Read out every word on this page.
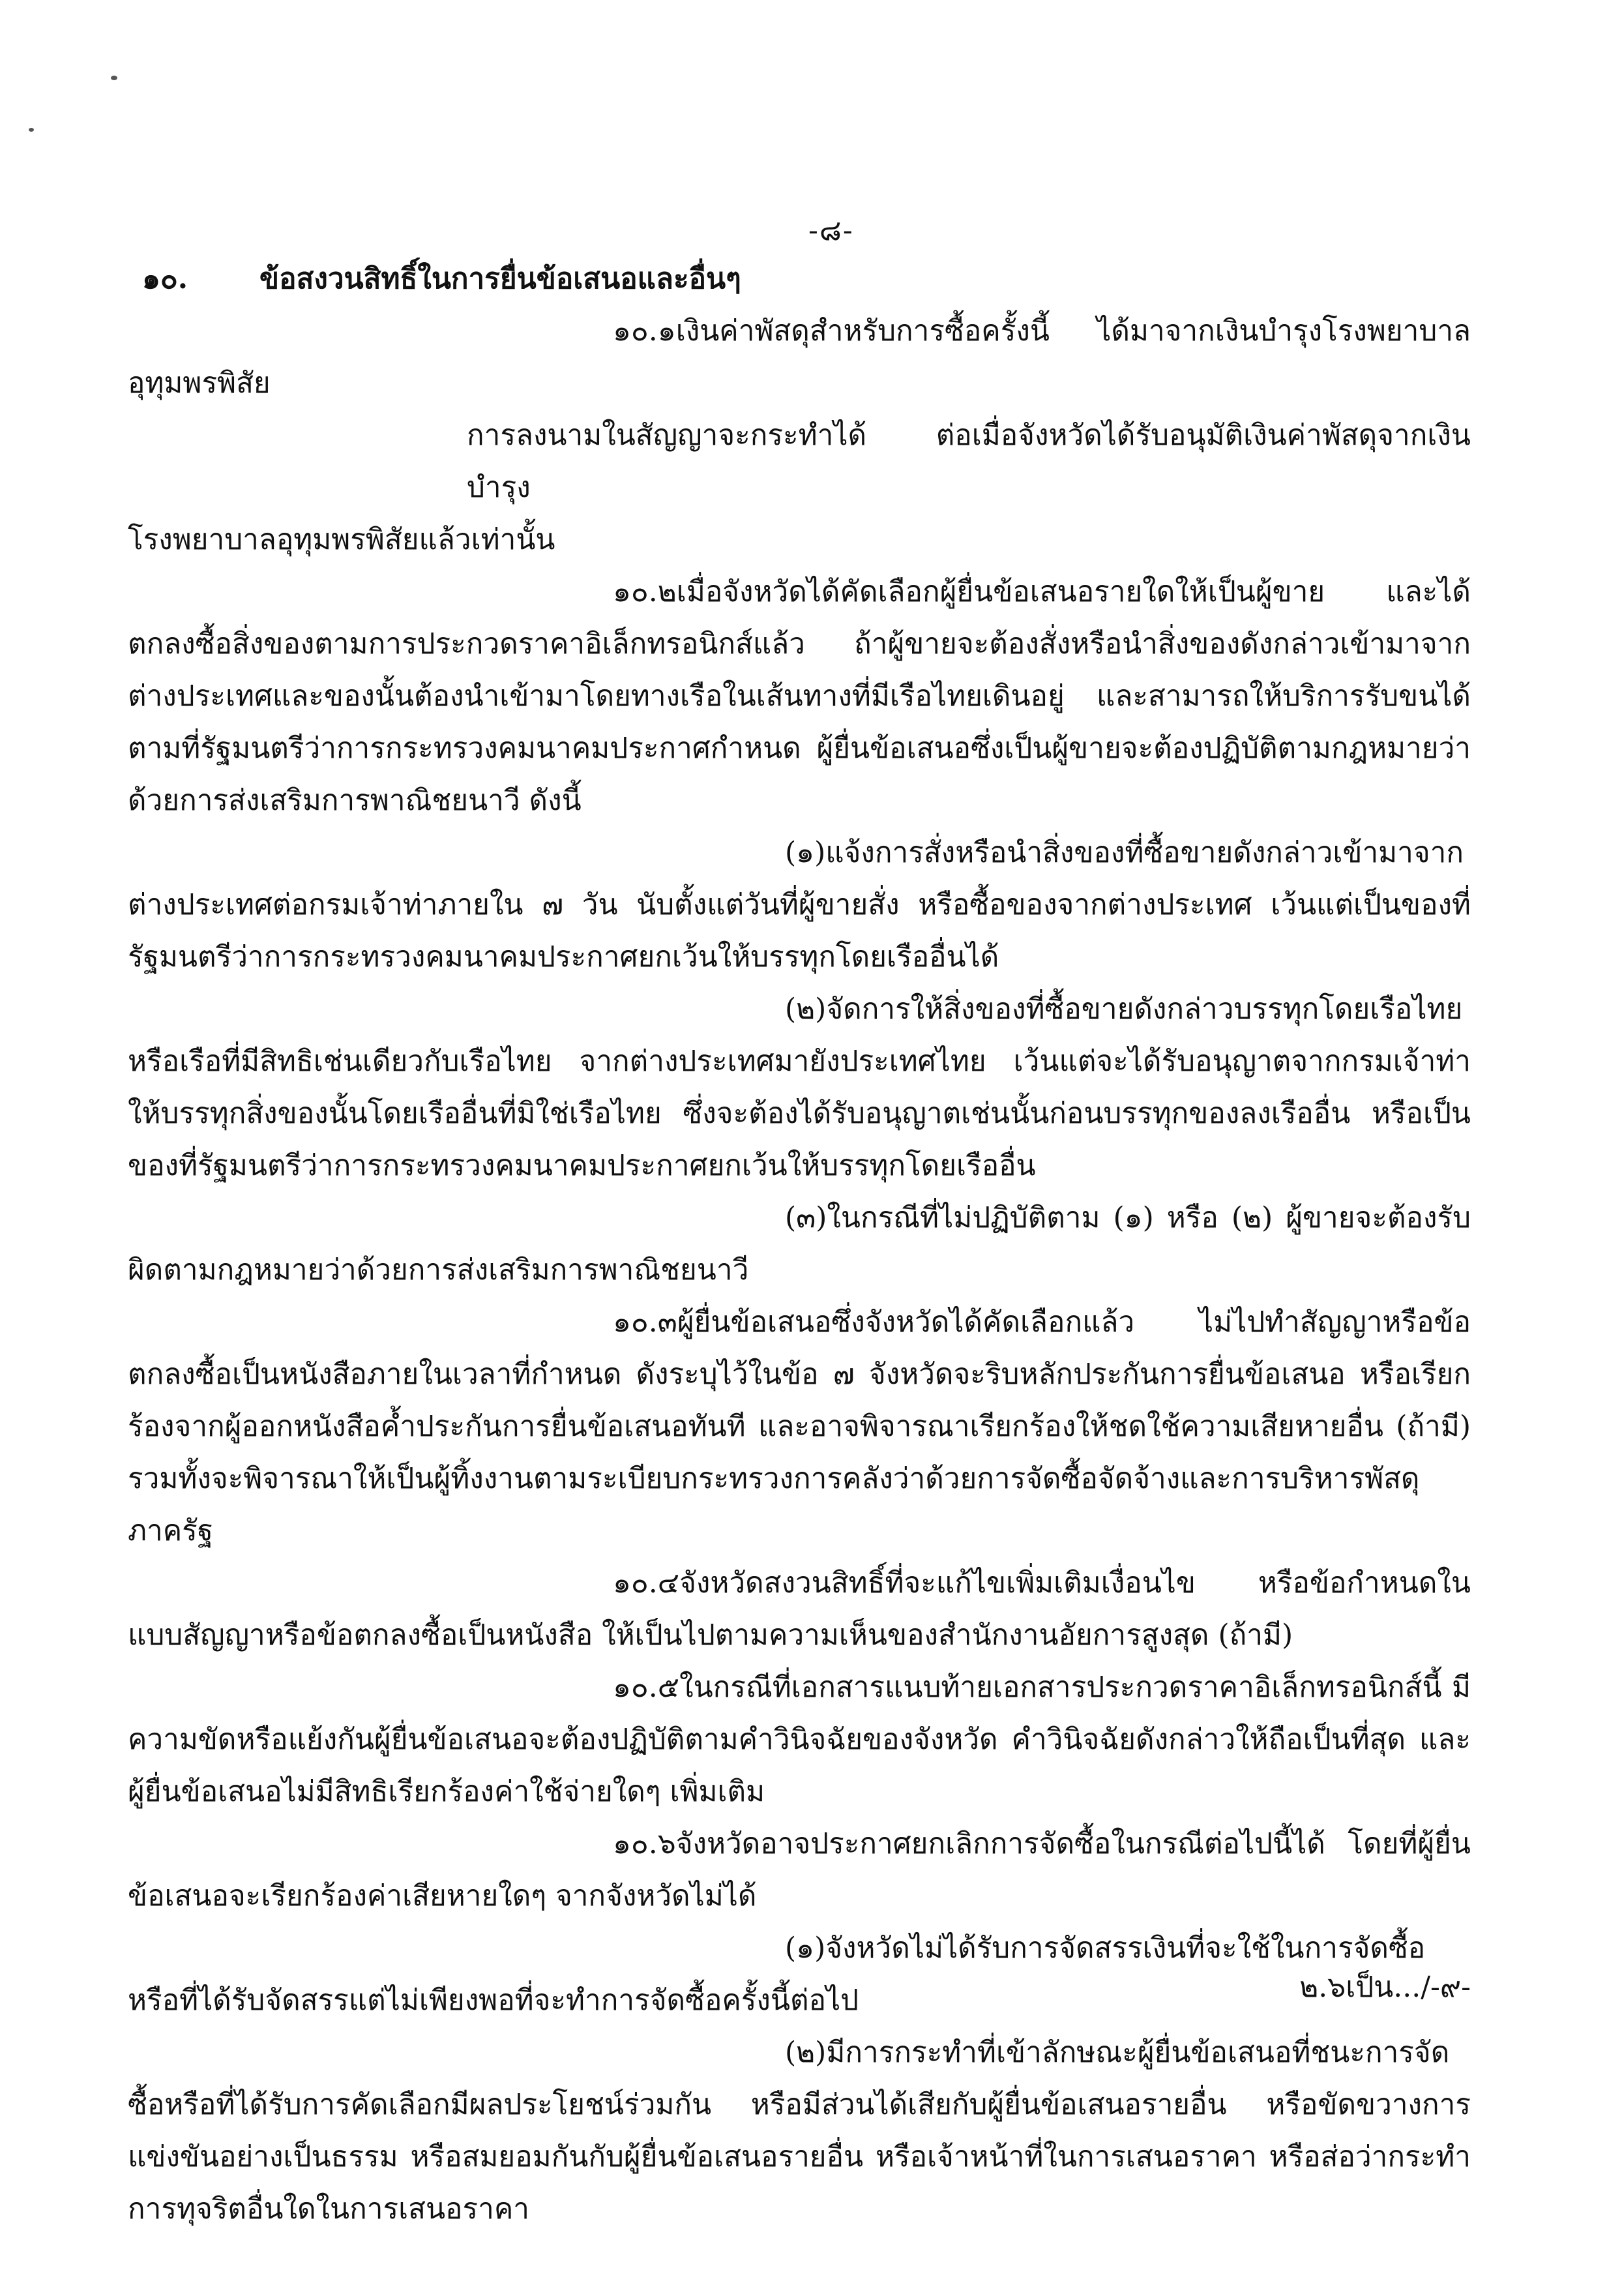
-๘-
๑๐. ข้อสงวนสิทธิ์ในการยื่นข้อเสนอและอื่นๆ

๑๐.๑เงินค่าพัสดุสำหรับการซื้อครั้งนี้ ได้มาจากเงินบำรุงโรงพยาบาลอุทุมพรพิสัย

การลงนามในสัญญาจะกระทำได้ ต่อเมื่อจังหวัดได้รับอนุมัติเงินค่าพัสดุจากเงินบำรุง

โรงพยาบาลอุทุมพรพิสัยแล้วเท่านั้น

๑๐.๒เมื่อจังหวัดได้คัดเลือกผู้ยื่นข้อเสนอรายใดให้เป็นผู้ขาย และได้ตกลงซื้อสิ่งของตามการประกวดราคาอิเล็กทรอนิกส์แล้ว ถ้าผู้ขายจะต้องสั่งหรือนำสิ่งของดังกล่าวเข้ามาจากต่างประเทศและของนั้นต้องนำเข้ามาโดยทางเรือในเส้นทางที่มีเรือไทยเดินอยู่ และสามารถให้บริการรับขนได้ตามที่รัฐมนตรีว่าการกระทรวงคมนาคมประกาศกำหนด ผู้ยื่นข้อเสนอซึ่งเป็นผู้ขายจะต้องปฏิบัติตามกฎหมายว่าด้วยการส่งเสริมการพาณิชยนาวี ดังนี้

(๑)แจ้งการสั่งหรือนำสิ่งของที่ซื้อขายดังกล่าวเข้ามาจากต่างประเทศต่อกรมเจ้าท่าภายใน ๗ วัน นับตั้งแต่วันที่ผู้ขายสั่ง หรือซื้อของจากต่างประเทศ เว้นแต่เป็นของที่รัฐมนตรีว่าการกระทรวงคมนาคมประกาศยกเว้นให้บรรทุกโดยเรืออื่นได้

(๒)จัดการให้สิ่งของที่ซื้อขายดังกล่าวบรรทุกโดยเรือไทย หรือเรือที่มีสิทธิเช่นเดียวกับเรือไทย จากต่างประเทศมายังประเทศไทย เว้นแต่จะได้รับอนุญาตจากกรมเจ้าท่า ให้บรรทุกสิ่งของนั้นโดยเรืออื่นที่มิใช่เรือไทย ซึ่งจะต้องได้รับอนุญาตเช่นนั้นก่อนบรรทุกของลงเรืออื่น หรือเป็นของที่รัฐมนตรีว่าการกระทรวงคมนาคมประกาศยกเว้นให้บรรทุกโดยเรืออื่น

(๓)ในกรณีที่ไม่ปฏิบัติตาม (๑) หรือ (๒) ผู้ขายจะต้องรับผิดตามกฎหมายว่าด้วยการส่งเสริมการพาณิชยนาวี

๑๐.๓ผู้ยื่นข้อเสนอซึ่งจังหวัดได้คัดเลือกแล้ว ไม่ไปทำสัญญาหรือข้อตกลงซื้อเป็นหนังสือภายในเวลาที่กำหนด ดังระบุไว้ในข้อ ๗ จังหวัดจะริบหลักประกันการยื่นข้อเสนอ หรือเรียกร้องจากผู้ออกหนังสือค้ำประกันการยื่นข้อเสนอทันที และอาจพิจารณาเรียกร้องให้ชดใช้ความเสียหายอื่น (ถ้ามี) รวมทั้งจะพิจารณาให้เป็นผู้ทิ้งงานตามระเบียบกระทรวงการคลังว่าด้วยการจัดซื้อจัดจ้างและการบริหารพัสดุภาครัฐ

๑๐.๔จังหวัดสงวนสิทธิ์ที่จะแก้ไขเพิ่มเติมเงื่อนไข หรือข้อกำหนดในแบบสัญญาหรือข้อตกลงซื้อเป็นหนังสือ ให้เป็นไปตามความเห็นของสำนักงานอัยการสูงสุด (ถ้ามี)

๑๐.๕ในกรณีที่เอกสารแนบท้ายเอกสารประกวดราคาอิเล็กทรอนิกส์นี้ มีความขัดหรือแย้งกันผู้ยื่นข้อเสนอจะต้องปฏิบัติตามคำวินิจฉัยของจังหวัด คำวินิจฉัยดังกล่าวให้ถือเป็นที่สุด และผู้ยื่นข้อเสนอไม่มีสิทธิเรียกร้องค่าใช้จ่ายใดๆ เพิ่มเติม

๑๐.๖จังหวัดอาจประกาศยกเลิกการจัดซื้อในกรณีต่อไปนี้ได้ โดยที่ผู้ยื่นข้อเสนอจะเรียกร้องค่าเสียหายใดๆ จากจังหวัดไม่ได้

(๑)จังหวัดไม่ได้รับการจัดสรรเงินที่จะใช้ในการจัดซื้อหรือที่ได้รับจัดสรรแต่ไม่เพียงพอที่จะทำการจัดซื้อครั้งนี้ต่อไป

(๒)มีการกระทำที่เข้าลักษณะผู้ยื่นข้อเสนอที่ชนะการจัดซื้อหรือที่ได้รับการคัดเลือกมีผลประโยชน์ร่วมกัน หรือมีส่วนได้เสียกับผู้ยื่นข้อเสนอรายอื่น หรือขัดขวางการแข่งขันอย่างเป็นธรรม หรือสมยอมกันกับผู้ยื่นข้อเสนอรายอื่น หรือเจ้าหน้าที่ในการเสนอราคา หรือส่อว่ากระทำการทุจริตอื่นใดในการเสนอราคา

๒.๖เป็น.../-๙-
